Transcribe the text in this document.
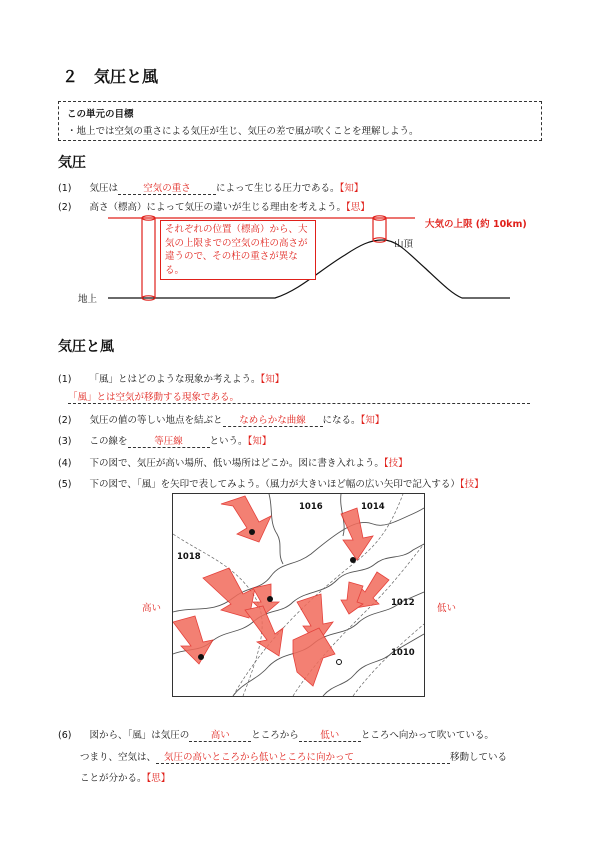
２　気圧と風
この単元の目標
・地上では空気の重さによる気圧が生じ、気圧の差で風が吹くことを理解しよう。
気圧
(1) 気圧は	空気の重さ	によって生じる圧力である。【知】
(2) 高さ（標高）によって気圧の違いが生じる理由を考えよう。【思】
大気の上限 (約 10km)
山頂
地上
それぞれの位置（標高）から、大気の上限までの空気の柱の高さが違うので、その柱の重さが異なる。
気圧と風
(1) 「風」とはどのような現象か考えよう。【知】
「風」とは空気が移動する現象である。
(2) 気圧の値の等しい地点を結ぶと なめらかな曲線 になる。【知】
(3) この線を	等圧線	という。【知】
(4) 下の図で、気圧が高い場所、低い場所はどこか。図に書き入れよう。【技】
(5) 下の図で、「風」を矢印で表してみよう。（風力が大きいほど幅の広い矢印で記入する）【技】
1018
1016	1014
1012
1010
高い	低い
(6) 図から、「風」は気圧の 高い ところから 低い ところへ向かって吹いている。
つまり、空気は、 気圧の高いところから低いところに向かって	移動している
ことが分かる。【思】
